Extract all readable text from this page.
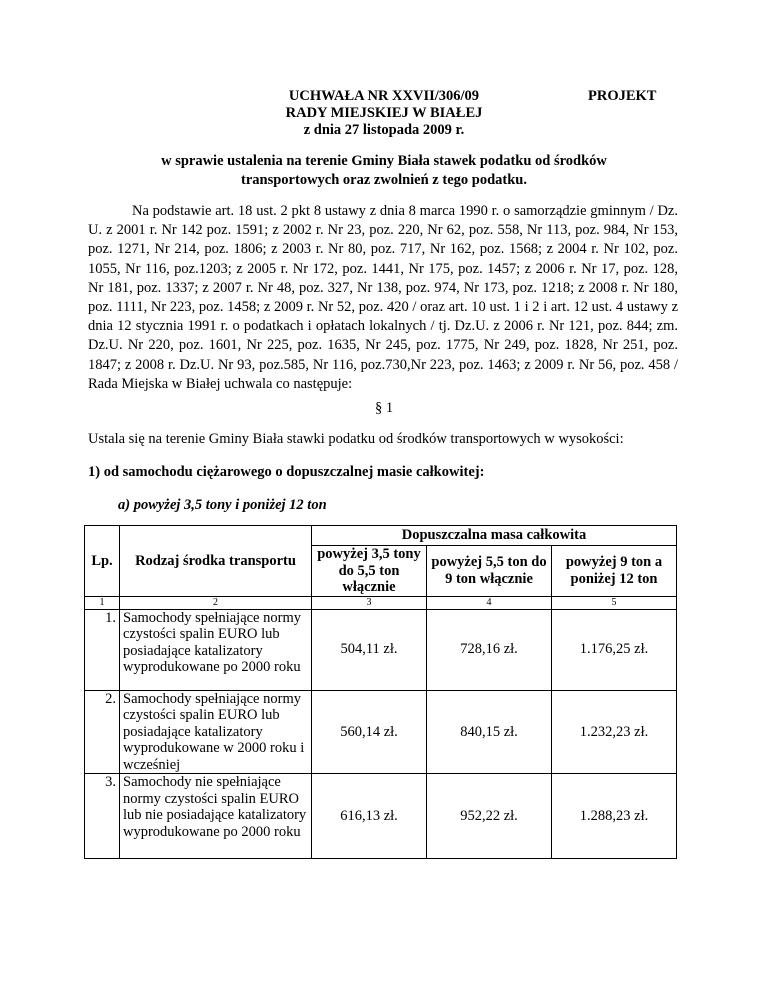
UCHWAŁA NR XXVII/306/09
RADY MIEJSKIEJ W BIAŁEJ
z dnia 27 listopada 2009 r.
PROJEKT
w sprawie ustalenia na terenie Gminy Biała stawek podatku od środków
transportowych oraz zwolnień z tego podatku.
Na podstawie art. 18 ust. 2 pkt 8 ustawy z dnia 8 marca 1990 r. o samorządzie gminnym / Dz. U. z 2001 r. Nr 142 poz. 1591; z 2002 r. Nr 23, poz. 220, Nr 62, poz. 558, Nr 113, poz. 984, Nr 153, poz. 1271, Nr 214, poz. 1806; z 2003 r. Nr 80, poz. 717, Nr 162, poz. 1568; z 2004 r. Nr 102, poz. 1055, Nr 116, poz.1203; z 2005 r. Nr 172, poz. 1441, Nr 175, poz. 1457; z 2006 r. Nr 17, poz. 128, Nr 181, poz. 1337; z 2007 r. Nr 48, poz. 327, Nr 138, poz. 974, Nr 173, poz. 1218; z 2008 r. Nr 180, poz. 1111, Nr 223, poz. 1458; z 2009 r. Nr 52, poz. 420 / oraz art. 10 ust. 1 i 2 i art. 12 ust. 4 ustawy z dnia 12 stycznia 1991 r. o podatkach i opłatach lokalnych / tj. Dz.U. z 2006 r. Nr 121, poz. 844; zm. Dz.U. Nr 220, poz. 1601, Nr 225, poz. 1635, Nr 245, poz. 1775, Nr 249, poz. 1828, Nr 251, poz. 1847; z 2008 r. Dz.U. Nr 93, poz.585, Nr 116, poz.730,Nr 223, poz. 1463; z 2009 r. Nr 56, poz. 458 / Rada Miejska w Białej uchwala co następuje:
§ 1
Ustala się na terenie Gminy Biała stawki podatku od środków transportowych w wysokości:
1) od samochodu ciężarowego o dopuszczalnej masie całkowitej:
a) powyżej 3,5 tony i poniżej 12 ton
Lp.	Rodzaj środka transportu	Dopuszczalna masa całkowita		
		powyżej 3,5 tony do 5,5 ton włącznie	powyżej 5,5 ton do 9 ton włącznie	powyżej 9 ton a poniżej 12 ton
1	2	3	4	5
1.	Samochody spełniające normy czystości spalin EURO lub posiadające katalizatory wyprodukowane po 2000 roku	504,11 zł.	728,16 zł.	1.176,25 zł.
2.	Samochody spełniające normy czystości spalin EURO lub posiadające katalizatory wyprodukowane w 2000 roku i wcześniej	560,14 zł.	840,15 zł.	1.232,23 zł.
3.	Samochody nie spełniające normy czystości spalin EURO lub nie posiadające katalizatory wyprodukowane po 2000 roku	616,13 zł.	952,22 zł.	1.288,23 zł.
